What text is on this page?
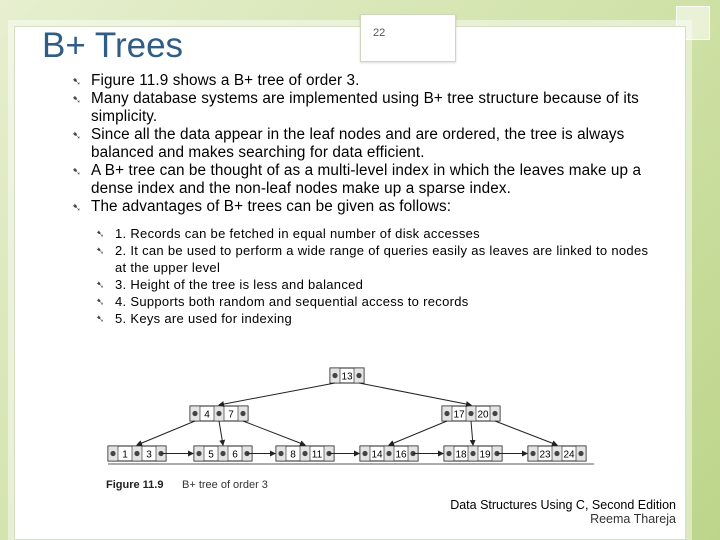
22
B+ Trees
➷ Figure 11.9 shows a B+ tree of order 3.
➷ Many database systems are implemented using B+ tree structure because of its simplicity.
➷ Since all the data appear in the leaf nodes and are ordered, the tree is always balanced and makes searching for data efficient.
➷ A B+ tree can be thought of as a multi-level index in which the leaves make up a dense index and the non-leaf nodes make up a sparse index.
➷ The advantages of B+ trees can be given as follows:
➷ 1. Records can be fetched in equal number of disk accesses
➷ 2. It can be used to perform a wide range of queries easily as leaves are linked to nodes at the upper level
➷ 3. Height of the tree is less and balanced
➷ 4. Supports both random and sequential access to records
➷ 5. Keys are used for indexing
13
4 7	17 20
1 3	5 6	8 11	14 16	18 19	23 24
Figure 11.9 B+ tree of order 3
Data Structures Using C, Second Edition
Reema Thareja
